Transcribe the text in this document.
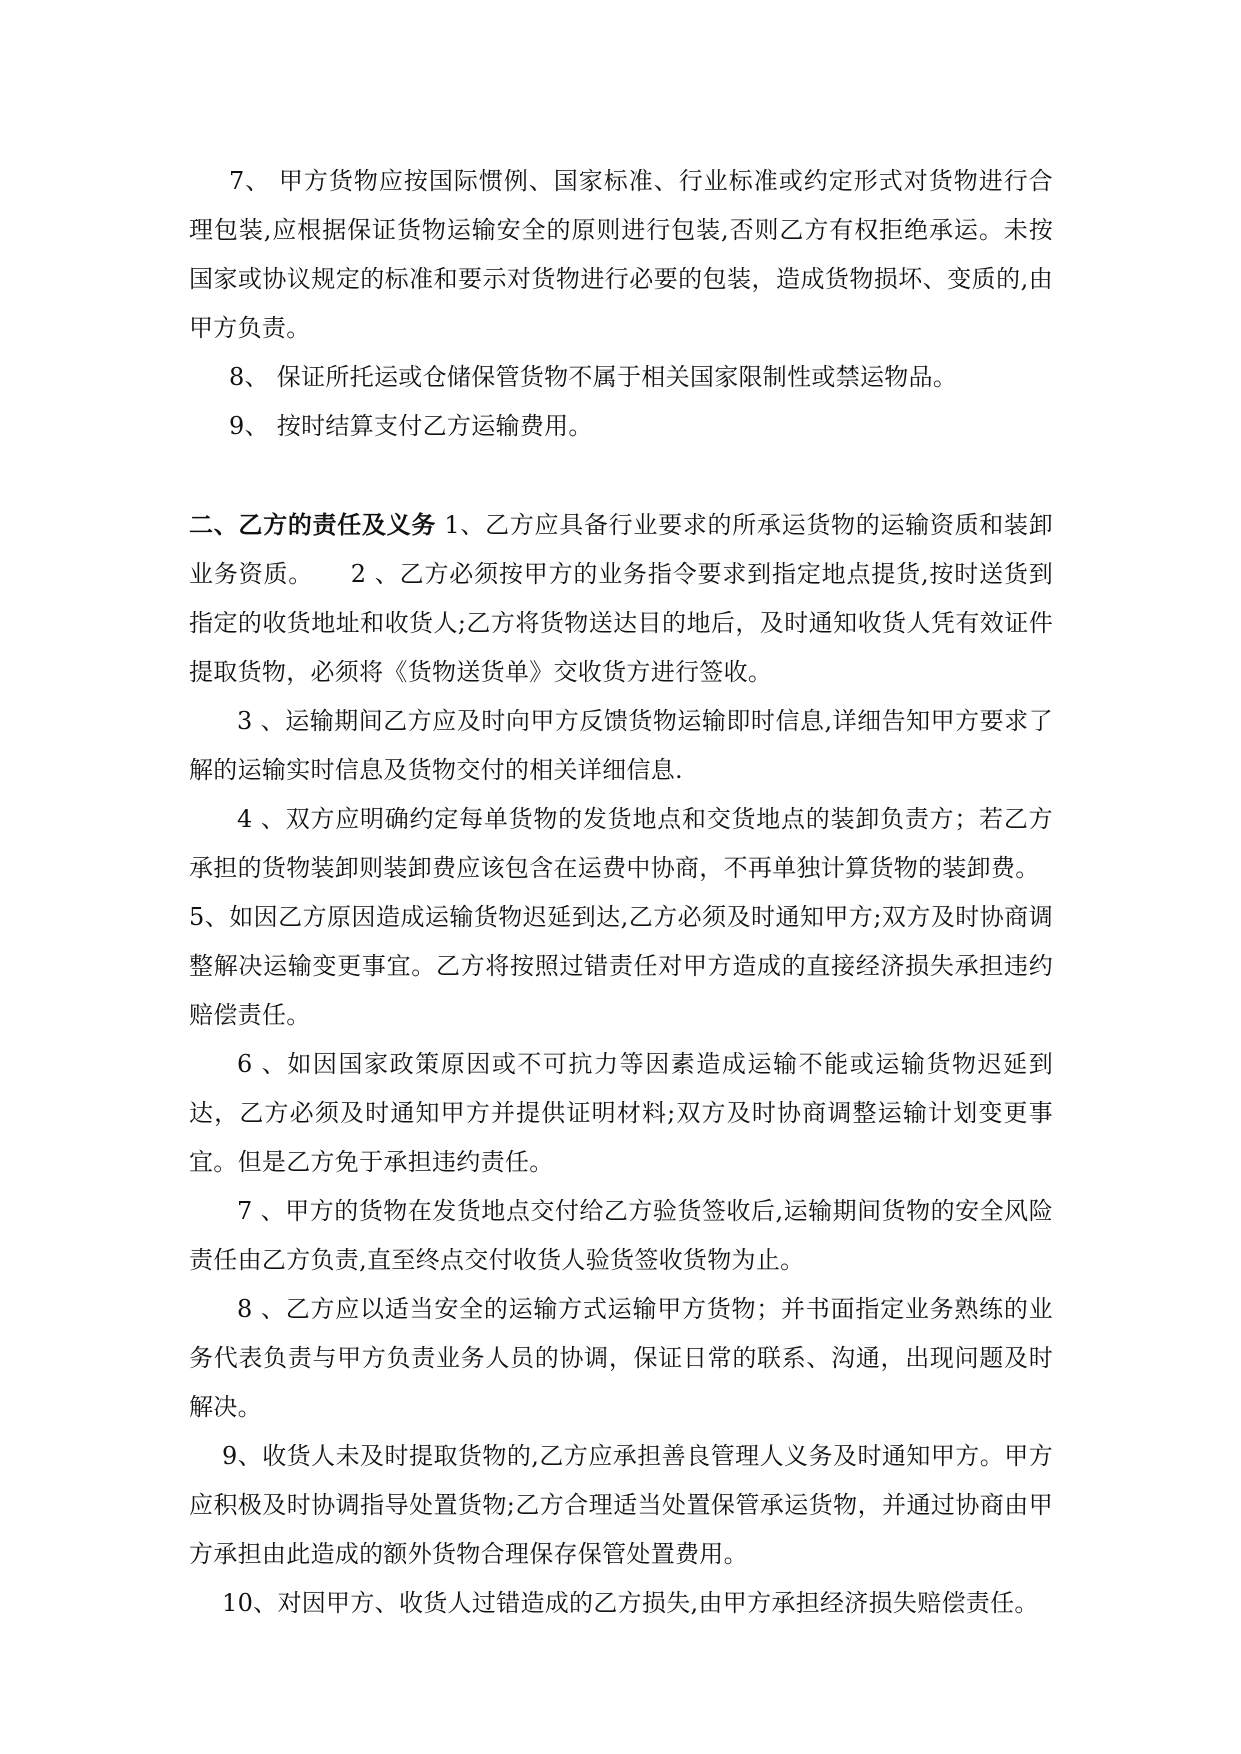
7、 甲方货物应按国际惯例、国家标准、行业标准或约定形式对货物进行合理包装,应根据保证货物运输安全的原则进行包装,否则乙方有权拒绝承运。未按国家或协议规定的标准和要示对货物进行必要的包装，造成货物损坏、变质的,由甲方负责。

8、 保证所托运或仓储保管货物不属于相关国家限制性或禁运物品。

9、 按时结算支付乙方运输费用。

二、乙方的责任及义务 1、乙方应具备行业要求的所承运货物的运输资质和装卸业务资质。　　2 、乙方必须按甲方的业务指令要求到指定地点提货,按时送货到指定的收货地址和收货人;乙方将货物送达目的地后，及时通知收货人凭有效证件提取货物，必须将《货物送货单》交收货方进行签收。

3 、运输期间乙方应及时向甲方反馈货物运输即时信息,详细告知甲方要求了解的运输实时信息及货物交付的相关详细信息.

4 、双方应明确约定每单货物的发货地点和交货地点的装卸负责方；若乙方承担的货物装卸则装卸费应该包含在运费中协商，不再单独计算货物的装卸费。

5、如因乙方原因造成运输货物迟延到达,乙方必须及时通知甲方;双方及时协商调整解决运输变更事宜。乙方将按照过错责任对甲方造成的直接经济损失承担违约赔偿责任。

6 、如因国家政策原因或不可抗力等因素造成运输不能或运输货物迟延到达，乙方必须及时通知甲方并提供证明材料;双方及时协商调整运输计划变更事宜。但是乙方免于承担违约责任。

7 、甲方的货物在发货地点交付给乙方验货签收后,运输期间货物的安全风险责任由乙方负责,直至终点交付收货人验货签收货物为止。

8 、乙方应以适当安全的运输方式运输甲方货物；并书面指定业务熟练的业务代表负责与甲方负责业务人员的协调，保证日常的联系、沟通，出现问题及时解决。

9、收货人未及时提取货物的,乙方应承担善良管理人义务及时通知甲方。甲方应积极及时协调指导处置货物;乙方合理适当处置保管承运货物，并通过协商由甲方承担由此造成的额外货物合理保存保管处置费用。

10、对因甲方、收货人过错造成的乙方损失,由甲方承担经济损失赔偿责任。
